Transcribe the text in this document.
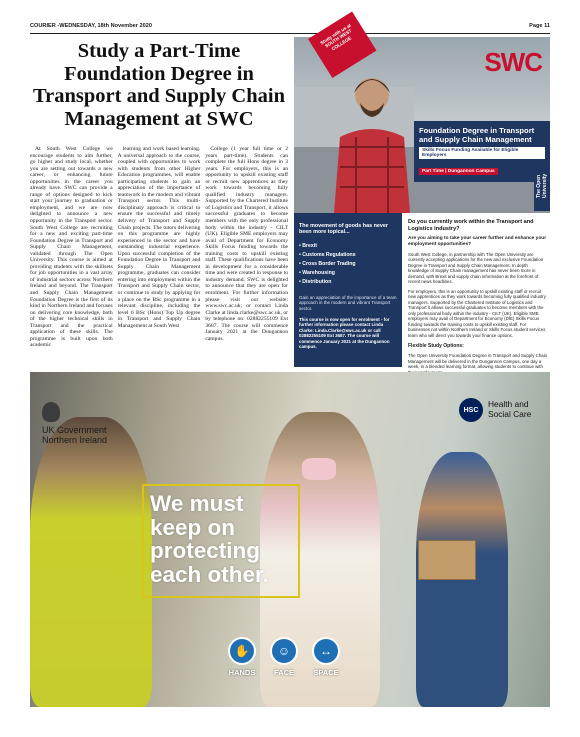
COURIER -WEDNESDAY, 18th November 2020	Page 11
Study a Part-Time Foundation Degree in Transport and Supply Chain Management at SWC

At South West College we encourage students to aim further, go higher and study local, whether you are setting out towards a new career, or enhancing future opportunities in the career you already have. SWC can provide a range of options designed to kick start your journey to graduation or employment, and we are now delighted to announce a new opportunity in the Transport sector. South West College are recruiting for a new and exciting part-time Foundation Degree in Transport and Supply Chain Management, validated through The Open University. This course is aimed at providing students with the skillsets for job opportunities in a vast array of industrial sectors across Northern Ireland and beyond. The Transport and Supply Chain Management Foundation Degree is the first of its kind in Northern Ireland and focuses on delivering core knowledge, both of the higher technical skills in Transport and the practical application of these skills. The programme is built upon both academic

learning and work based learning. A universal approach to the course, coupled with opportunities to work with students from other Higher Education programmes, will enable participating students to gain an appreciation of the importance of teamwork in the modern and vibrant Transport sector. This multi-disciplinary approach is critical to ensure the successful and timely delivery of Transport and Supply Chain projects. The tutors delivering on this programme are highly experienced in the sector and have outstanding industrial experience. Upon successful completion of the Foundation Degree in Transport and Supply Chain Management programme, graduates can consider entering into employment within the Transport and Supply Chain sector, or continue to study by applying for a place on the BSc programme in a relevant discipline, including the level 6 BSc (Hons) Top Up degree in Transport and Supply Chain Management at South West

College (1 year full time or 2 years part-time). Students can complete the full Hons degree in 3 years. For employers, this is an opportunity to upskill existing staff or recruit new apprentices as they work towards becoming fully qualified industry managers. Supported by the Chartered Institute of Logistics and Transport, it allows successful graduates to become members with the only professional body within the industry - CILT (UK). Eligible SME employers may avail of Department for Economy Skills Focus funding towards the training costs to upskill existing staff. These qualifications have been in development for a considerable time and were created in response to industry demand. SWC is delighted to announce that they are open for enrolment. For further information please visit our website: www.swc.ac.uk; or contact Linda Clarke at linda.clarke@swc.ac.uk, or by telephone on: 02882255109 Ext 3687. The course will commence January 2021 at the Dungannon campus.

Study with us at SOUTH WEST COLLEGE
SWC
Foundation Degree in Transport and Supply Chain Management
Skills Focus Funding Available for Eligible Employers
Part Time | Dungannon Campus
The Open University
The movement of goods has never been more topical...
• Brexit
• Customs Regulations
• Cross Border Trading
• Warehousing
• Distribution
Gain an appreciation of the importance of a team approach in the modern and vibrant Transport sector.
This course is now open for enrolment - for further information please contact Linda Clarke: Linda.Clarke@swc.ac.uk or call 02882255109 Ext 3687. The course will commence January 2021 at the Dungannon campus.
Do you currently work within the Transport and Logistics industry?
Are you aiming to take your career further and enhance your employment opportunities?

South West College, in partnership with The Open University are currently accepting applications for the new and exclusive Foundation Degree in Transport and Supply Chain Management. In depth knowledge of Supply Chain management has never been more in demand, with Brexit and supply chain information at the forefront of recent news headlines.

For employers, this is an opportunity to upskill existing staff or recruit new apprentices as they work towards becoming fully qualified industry managers. Supported by the Chartered Institute of Logistics and Transport it allows successful graduates to become members with the only professional body within the industry - CILT (UK). Eligible SME employers may avail of Department for Economy (DfE) Skills Focus funding towards the training costs to upskill existing staff. For businesses not within Northern Ireland or Skills Focus student services team who will direct you towards your finance options.

Flexible Study Options:

The Open University Foundation Degree in Transport and Supply Chain Management will be delivered in the Dungannon Campus, one day a week, in a blended learning format, allowing students to continue with

UK Government Northern Ireland
HSC
Health and Social Care
We must keep on protecting each other.
✋
HANDS
☺
FACE
↔
SPACE
